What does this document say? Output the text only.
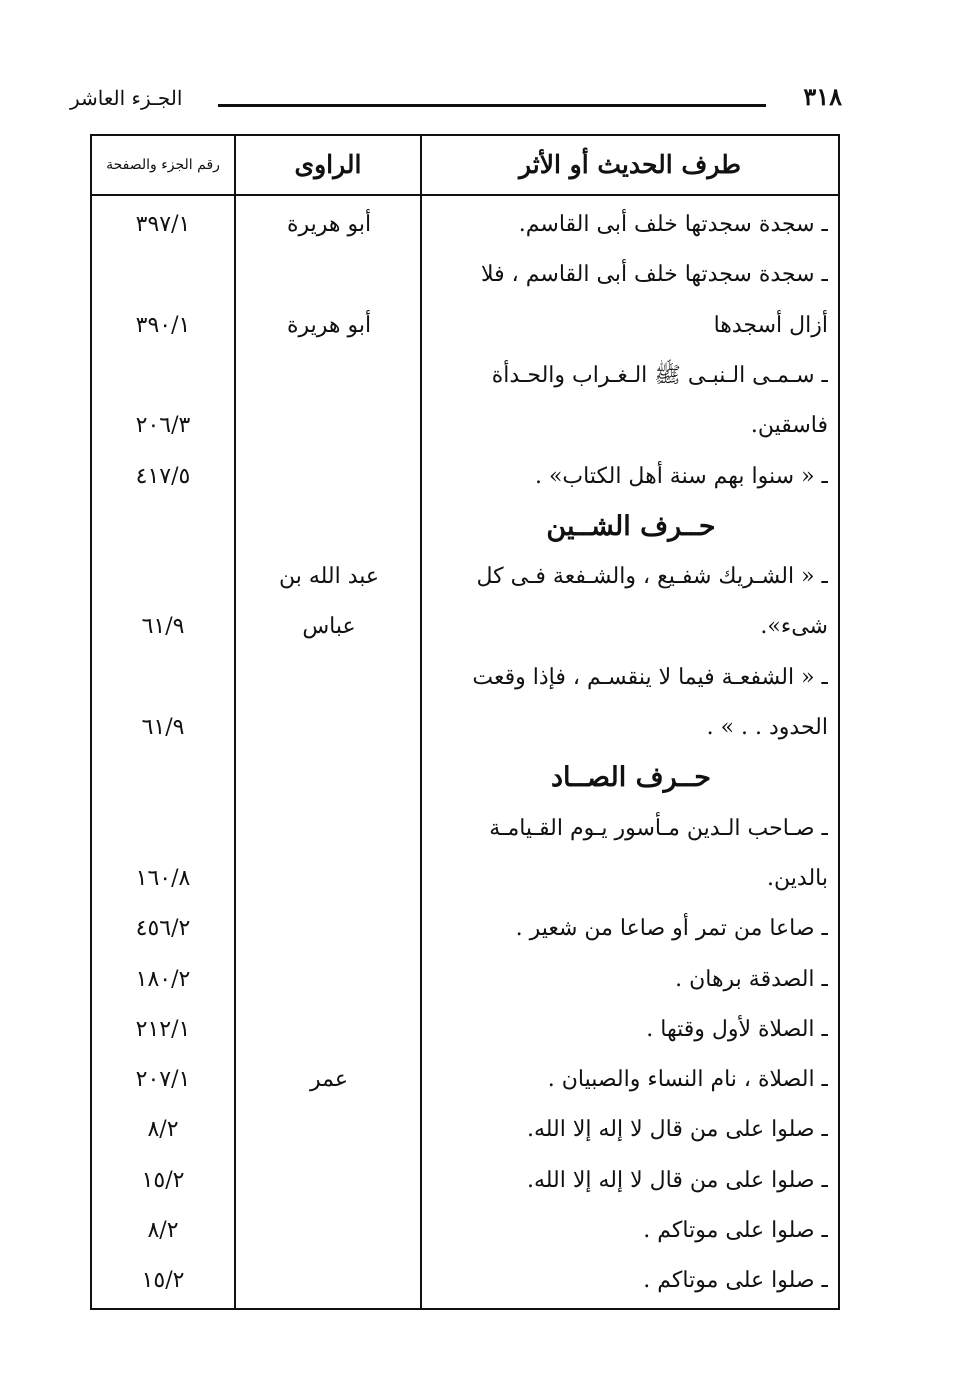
٣١٨
الجـزء العاشر
طرف الحديث أو الأثر
الراوى
رقم الجزء والصفحة
ـ سجدة سجدتها خلف أبى القاسم.
أبو هريرة
٣٩٧/١
ـ سجدة سجدتها خلف أبى القاسم ، فلا
أزال أسجدها
أبو هريرة
٣٩٠/١
ـ سـمـى الـنبـى ﷺ الـغـراب والحـدأة
فاسقين.
٢٠٦/٣
ـ « سنوا بهم سنة أهل الكتاب» .
٤١٧/٥
حــرف الشــين
ـ « الشـريك شفـيع ، والشـفعة فـى كل
عبد الله بن
شىء».
عباس
٦١/٩
ـ « الشفعـة فيما لا ينقسـم ، فإذا وقعت
الحدود . . » .
٦١/٩
حــرف الصــاد
ـ صـاحب الـدين مـأسور يـوم القـيامـة
بالدين.
١٦٠/٨
ـ صاعا من تمر أو صاعا من شعير .
٤٥٦/٢
ـ الصدقة برهان .
١٨٠/٢
ـ الصلاة لأول وقتها .
٢١٢/١
ـ الصلاة ، نام النساء والصبيان .
عمر
٢٠٧/١
ـ صلوا على من قال لا إله إلا الله.
٨/٢
ـ صلوا على من قال لا إله إلا الله.
١٥/٢
ـ صلوا على موتاكم .
٨/٢
ـ صلوا على موتاكم .
١٥/٢
